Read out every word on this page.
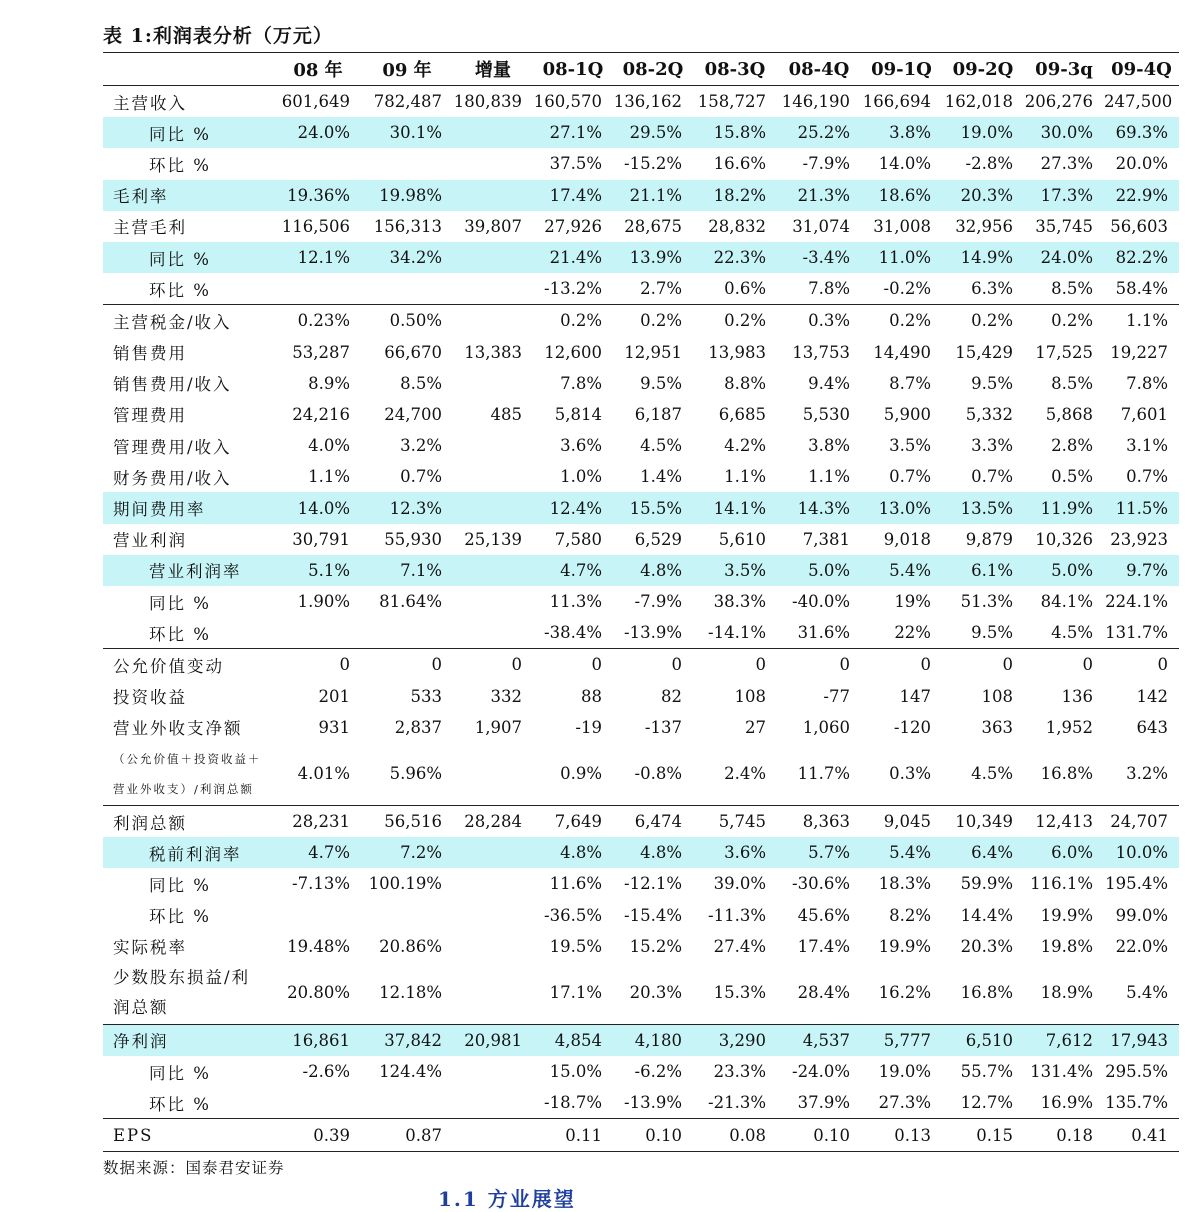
表 1:利润表分析（万元）
	08 年	09 年	增量	08-1Q	08-2Q	08-3Q	08-4Q	09-1Q	09-2Q	09-3q	09-4Q
主营收入	601,649	782,487	180,839	160,570	136,162	158,727	146,190	166,694	162,018	206,276	247,500
同比 %	24.0%	30.1%		27.1%	29.5%	15.8%	25.2%	3.8%	19.0%	30.0%	69.3%
环比 %				37.5%	-15.2%	16.6%	-7.9%	14.0%	-2.8%	27.3%	20.0%
毛利率	19.36%	19.98%		17.4%	21.1%	18.2%	21.3%	18.6%	20.3%	17.3%	22.9%
主营毛利	116,506	156,313	39,807	27,926	28,675	28,832	31,074	31,008	32,956	35,745	56,603
同比 %	12.1%	34.2%		21.4%	13.9%	22.3%	-3.4%	11.0%	14.9%	24.0%	82.2%
环比 %				-13.2%	2.7%	0.6%	7.8%	-0.2%	6.3%	8.5%	58.4%
主营税金/收入	0.23%	0.50%		0.2%	0.2%	0.2%	0.3%	0.2%	0.2%	0.2%	1.1%
销售费用	53,287	66,670	13,383	12,600	12,951	13,983	13,753	14,490	15,429	17,525	19,227
销售费用/收入	8.9%	8.5%		7.8%	9.5%	8.8%	9.4%	8.7%	9.5%	8.5%	7.8%
管理费用	24,216	24,700	485	5,814	6,187	6,685	5,530	5,900	5,332	5,868	7,601
管理费用/收入	4.0%	3.2%		3.6%	4.5%	4.2%	3.8%	3.5%	3.3%	2.8%	3.1%
财务费用/收入	1.1%	0.7%		1.0%	1.4%	1.1%	1.1%	0.7%	0.7%	0.5%	0.7%
期间费用率	14.0%	12.3%		12.4%	15.5%	14.1%	14.3%	13.0%	13.5%	11.9%	11.5%
营业利润	30,791	55,930	25,139	7,580	6,529	5,610	7,381	9,018	9,879	10,326	23,923
营业利润率	5.1%	7.1%		4.7%	4.8%	3.5%	5.0%	5.4%	6.1%	5.0%	9.7%
同比 %	1.90%	81.64%		11.3%	-7.9%	38.3%	-40.0%	19%	51.3%	84.1%	224.1%
环比 %				-38.4%	-13.9%	-14.1%	31.6%	22%	9.5%	4.5%	131.7%
公允价值变动	0	0	0	0	0	0	0	0	0	0	0
投资收益	201	533	332	88	82	108	-77	147	108	136	142
营业外收支净额	931	2,837	1,907	-19	-137	27	1,060	-120	363	1,952	643
（公允价值＋投资收益＋营业外收支）/利润总额	4.01%	5.96%		0.9%	-0.8%	2.4%	11.7%	0.3%	4.5%	16.8%	3.2%
利润总额	28,231	56,516	28,284	7,649	6,474	5,745	8,363	9,045	10,349	12,413	24,707
税前利润率	4.7%	7.2%		4.8%	4.8%	3.6%	5.7%	5.4%	6.4%	6.0%	10.0%
同比 %	-7.13%	100.19%		11.6%	-12.1%	39.0%	-30.6%	18.3%	59.9%	116.1%	195.4%
环比 %				-36.5%	-15.4%	-11.3%	45.6%	8.2%	14.4%	19.9%	99.0%
实际税率	19.48%	20.86%		19.5%	15.2%	27.4%	17.4%	19.9%	20.3%	19.8%	22.0%
少数股东损益/利润总额	20.80%	12.18%		17.1%	20.3%	15.3%	28.4%	16.2%	16.8%	18.9%	5.4%
净利润	16,861	37,842	20,981	4,854	4,180	3,290	4,537	5,777	6,510	7,612	17,943
同比 %	-2.6%	124.4%		15.0%	-6.2%	23.3%	-24.0%	19.0%	55.7%	131.4%	295.5%
环比 %				-18.7%	-13.9%	-21.3%	37.9%	27.3%	12.7%	16.9%	135.7%
EPS	0.39	0.87		0.11	0.10	0.08	0.10	0.13	0.15	0.18	0.41
数据来源：国泰君安证券
1.1 方业展望
